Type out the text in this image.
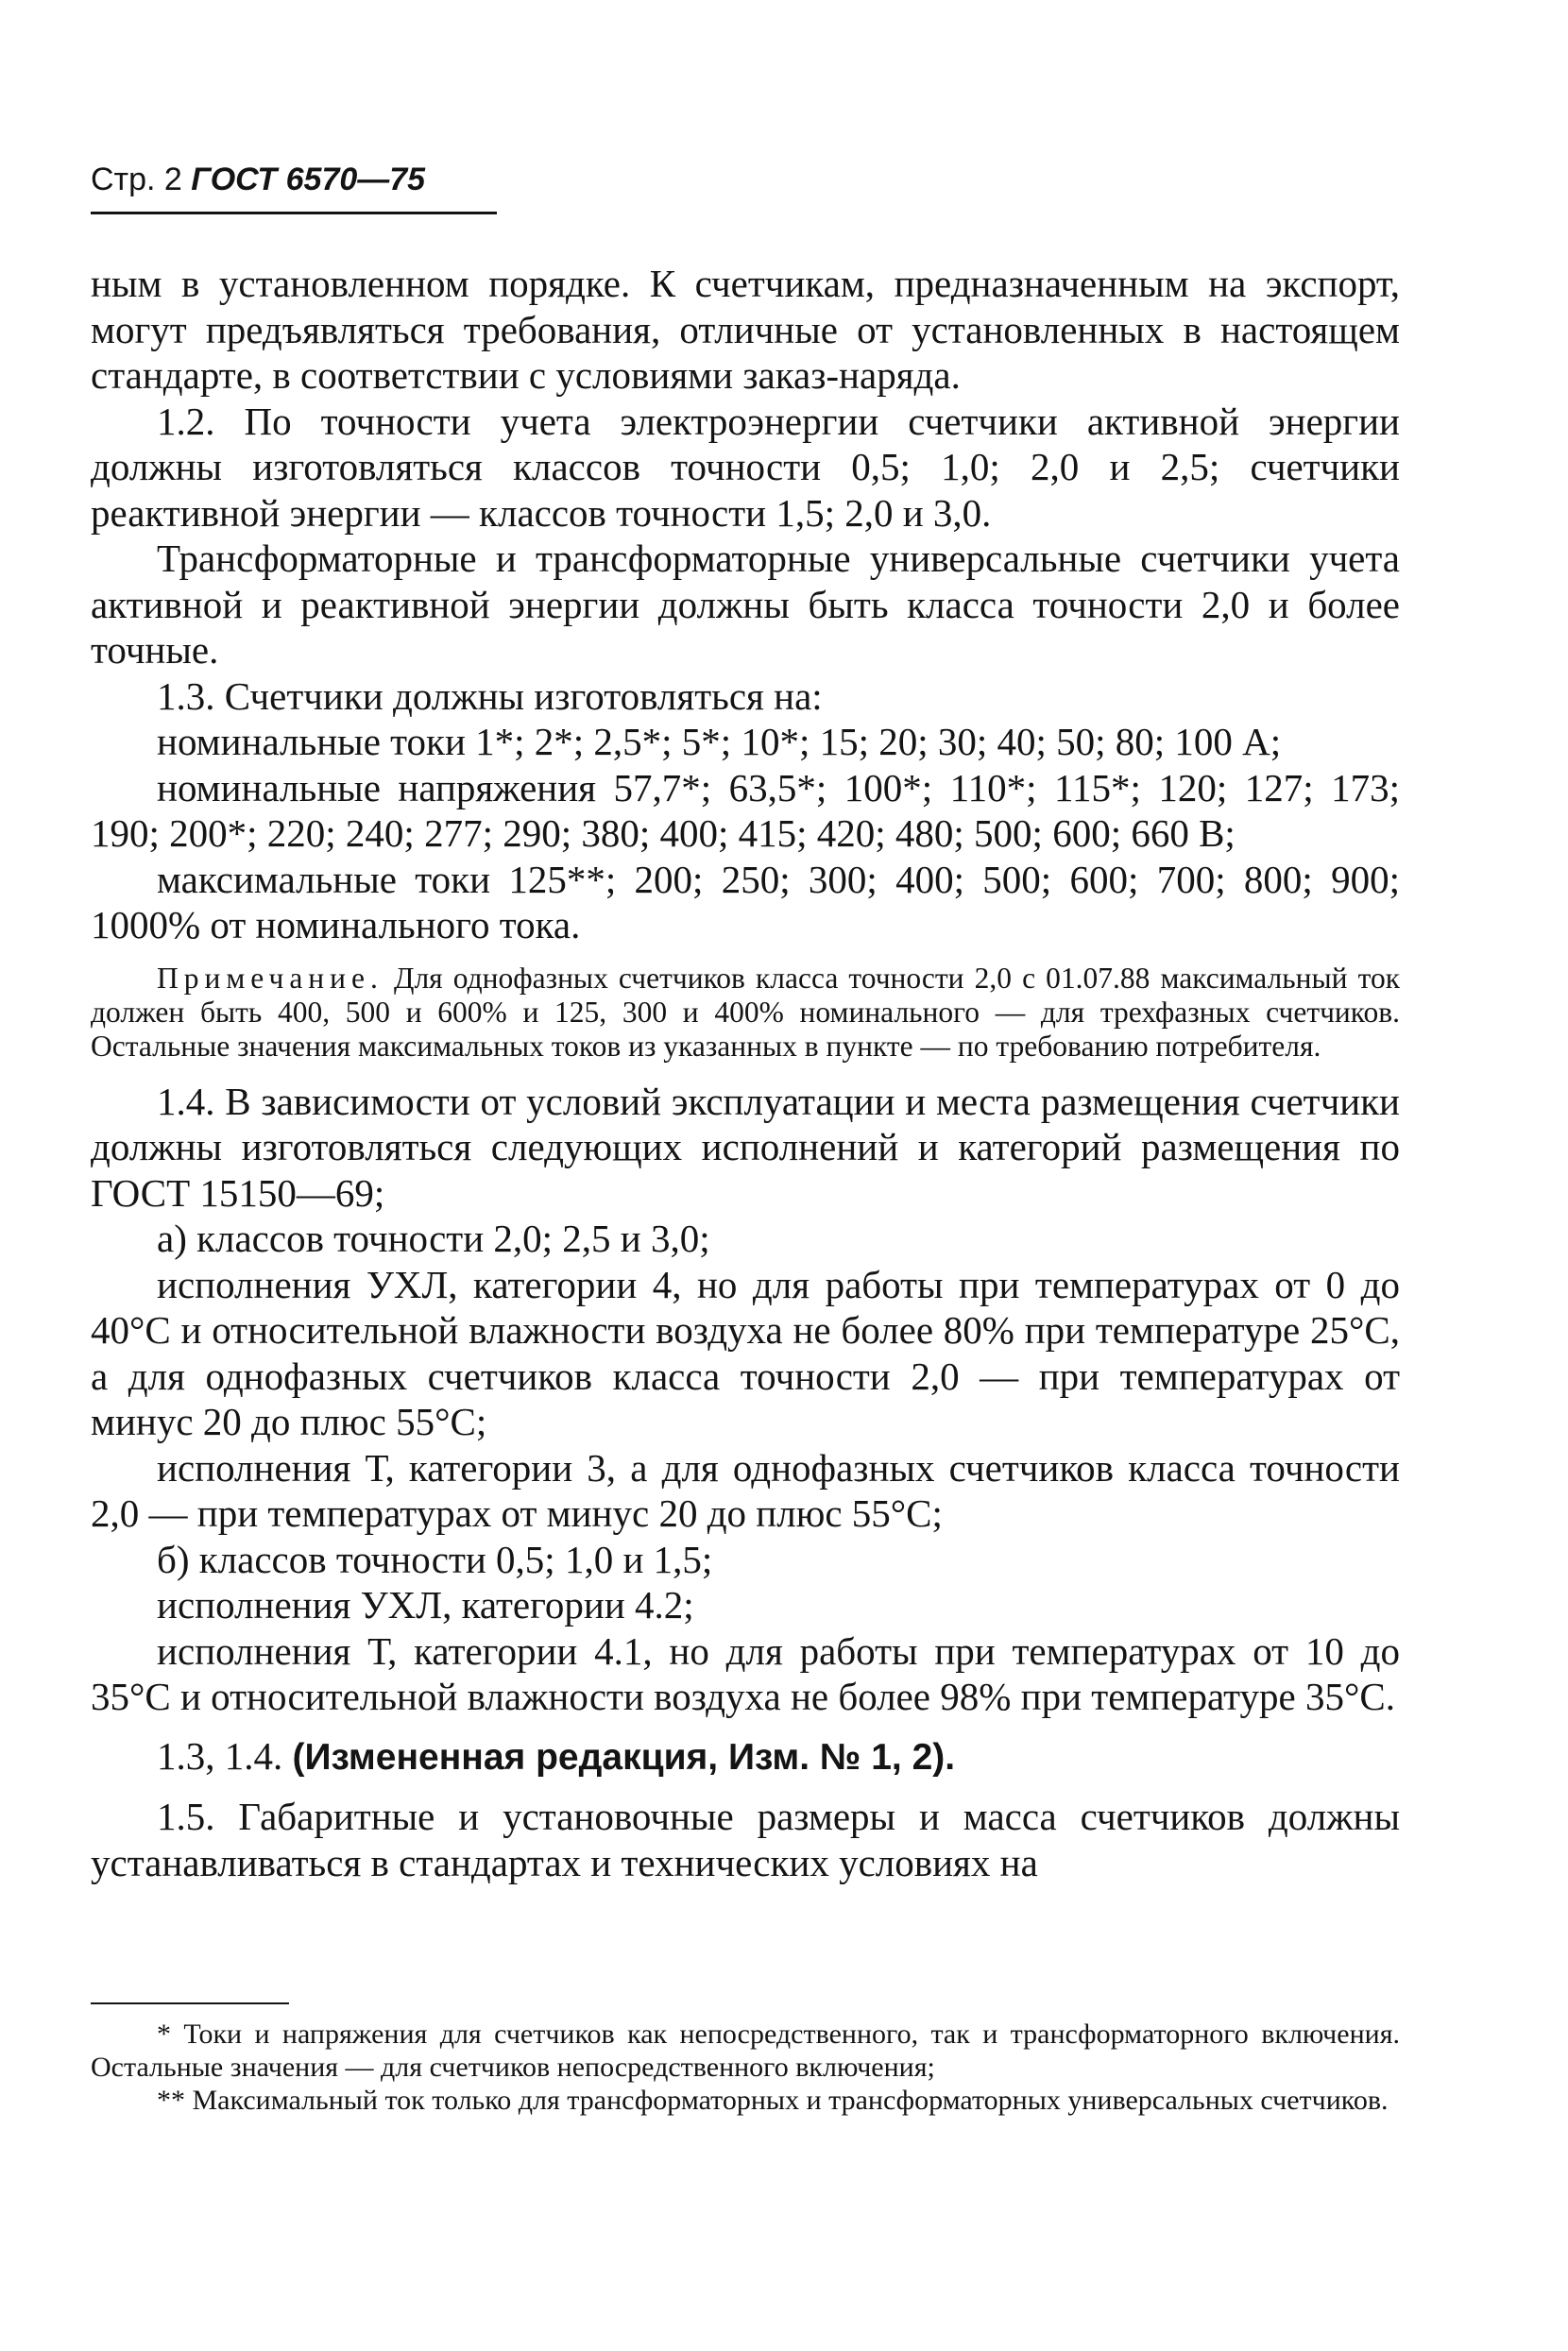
Стр. 2 ГОСТ 6570—75

ным в установленном порядке. К счетчикам, предназначенным на экспорт, могут предъявляться требования, отличные от установленных в настоящем стандарте, в соответствии с условиями заказ-наряда.

1.2. По точности учета электроэнергии счетчики активной энергии должны изготовляться классов точности 0,5; 1,0; 2,0 и 2,5; счетчики реактивной энергии — классов точности 1,5; 2,0 и 3,0.

Трансформаторные и трансформаторные универсальные счетчики учета активной и реактивной энергии должны быть класса точности 2,0 и более точные.

1.3. Счетчики должны изготовляться на:

номинальные токи 1*; 2*; 2,5*; 5*; 10*; 15; 20; 30; 40; 50; 80; 100 А;

номинальные напряжения 57,7*; 63,5*; 100*; 110*; 115*; 120; 127; 173; 190; 200*; 220; 240; 277; 290; 380; 400; 415; 420; 480; 500; 600; 660 В;

максимальные токи 125**; 200; 250; 300; 400; 500; 600; 700; 800; 900; 1000% от номинального тока.

Примечание. Для однофазных счетчиков класса точности 2,0 с 01.07.88 максимальный ток должен быть 400, 500 и 600% и 125, 300 и 400% номинального — для трехфазных счетчиков. Остальные значения максимальных токов из указанных в пункте — по требованию потребителя.

1.4. В зависимости от условий эксплуатации и места размещения счетчики должны изготовляться следующих исполнений и категорий размещения по ГОСТ 15150—69;

а) классов точности 2,0; 2,5 и 3,0;

исполнения УХЛ, категории 4, но для работы при температурах от 0 до 40°С и относительной влажности воздуха не более 80% при температуре 25°С, а для однофазных счетчиков класса точности 2,0 — при температурах от минус 20 до плюс 55°С;

исполнения Т, категории 3, а для однофазных счетчиков класса точности 2,0 — при температурах от минус 20 до плюс 55°С;

б) классов точности 0,5; 1,0 и 1,5;

исполнения УХЛ, категории 4.2;

исполнения Т, категории 4.1, но для работы при температурах от 10 до 35°С и относительной влажности воздуха не более 98% при температуре 35°С.

1.3, 1.4. (Измененная редакция, Изм. № 1, 2).

1.5. Габаритные и установочные размеры и масса счетчиков должны устанавливаться в стандартах и технических условиях на

* Токи и напряжения для счетчиков как непосредственного, так и трансформаторного включения. Остальные значения — для счетчиков непосредственного включения;

** Максимальный ток только для трансформаторных и трансформаторных универсальных счетчиков.
